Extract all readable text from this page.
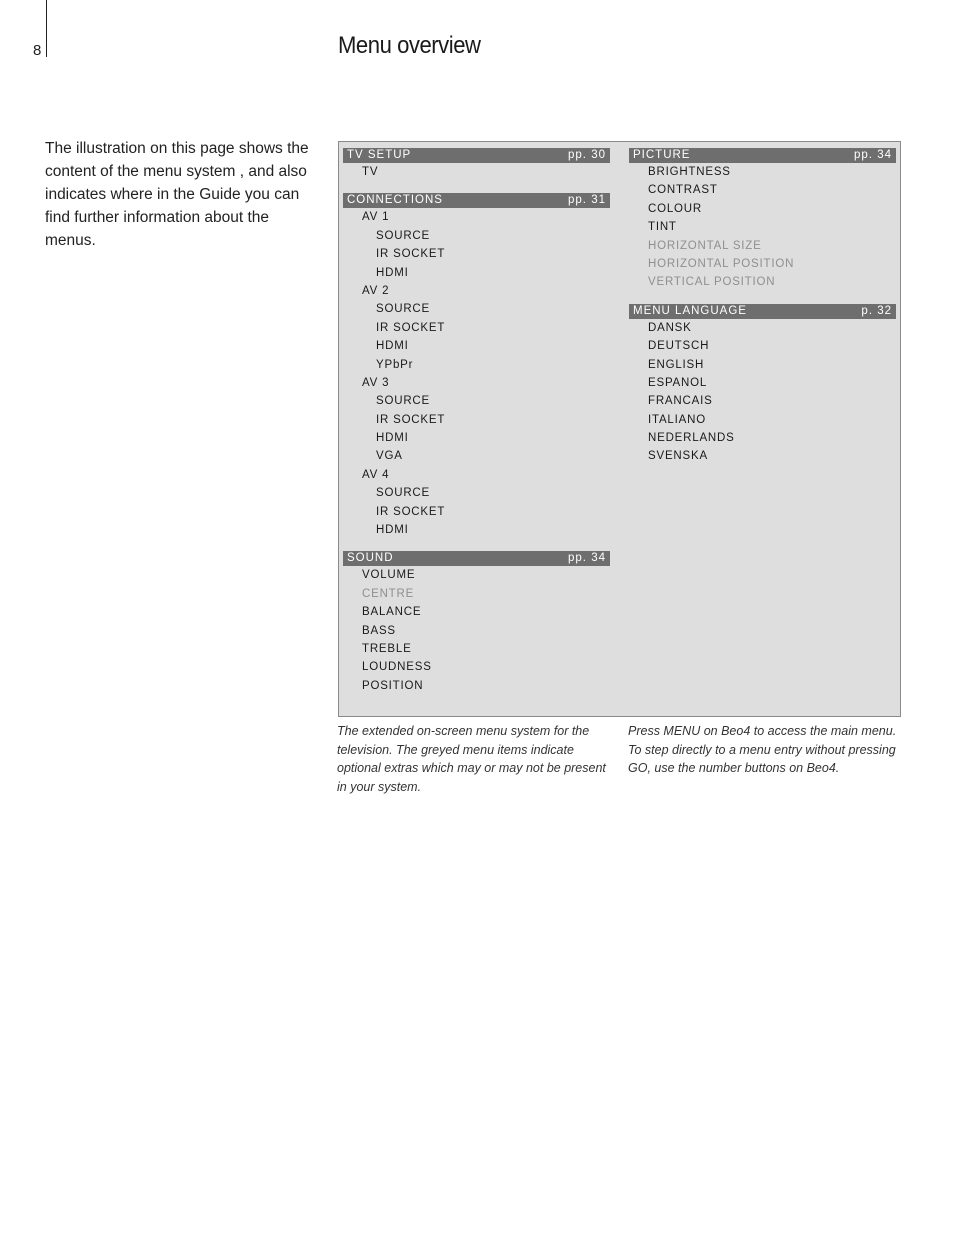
8	Menu overview

The illustration on this page shows the content of the menu system , and also indicates where in the Guide you can find further information about the menus.

TV SETUP	pp. 30
TV
CONNECTIONS	pp. 31
AV 1
SOURCE
IR SOCKET
HDMI
AV 2
SOURCE
IR SOCKET
HDMI
YPbPr
AV 3
SOURCE
IR SOCKET
HDMI
VGA
AV 4
SOURCE
IR SOCKET
HDMI
SOUND	pp. 34
VOLUME
CENTRE
BALANCE
BASS
TREBLE
LOUDNESS
POSITION
PICTURE	pp. 34
BRIGHTNESS
CONTRAST
COLOUR
TINT
HORIZONTAL SIZE
HORIZONTAL POSITION
VERTICAL POSITION
MENU LANGUAGE	p. 32
DANSK
DEUTSCH
ENGLISH
ESPANOL
FRANCAIS
ITALIANO
NEDERLANDS
SVENSKA
The extended on-screen menu system for the television. The greyed menu items indicate optional extras which may or may not be present in your system.
Press MENU on Beo4 to access the main menu. To step directly to a menu entry without pressing GO, use the number buttons on Beo4.
